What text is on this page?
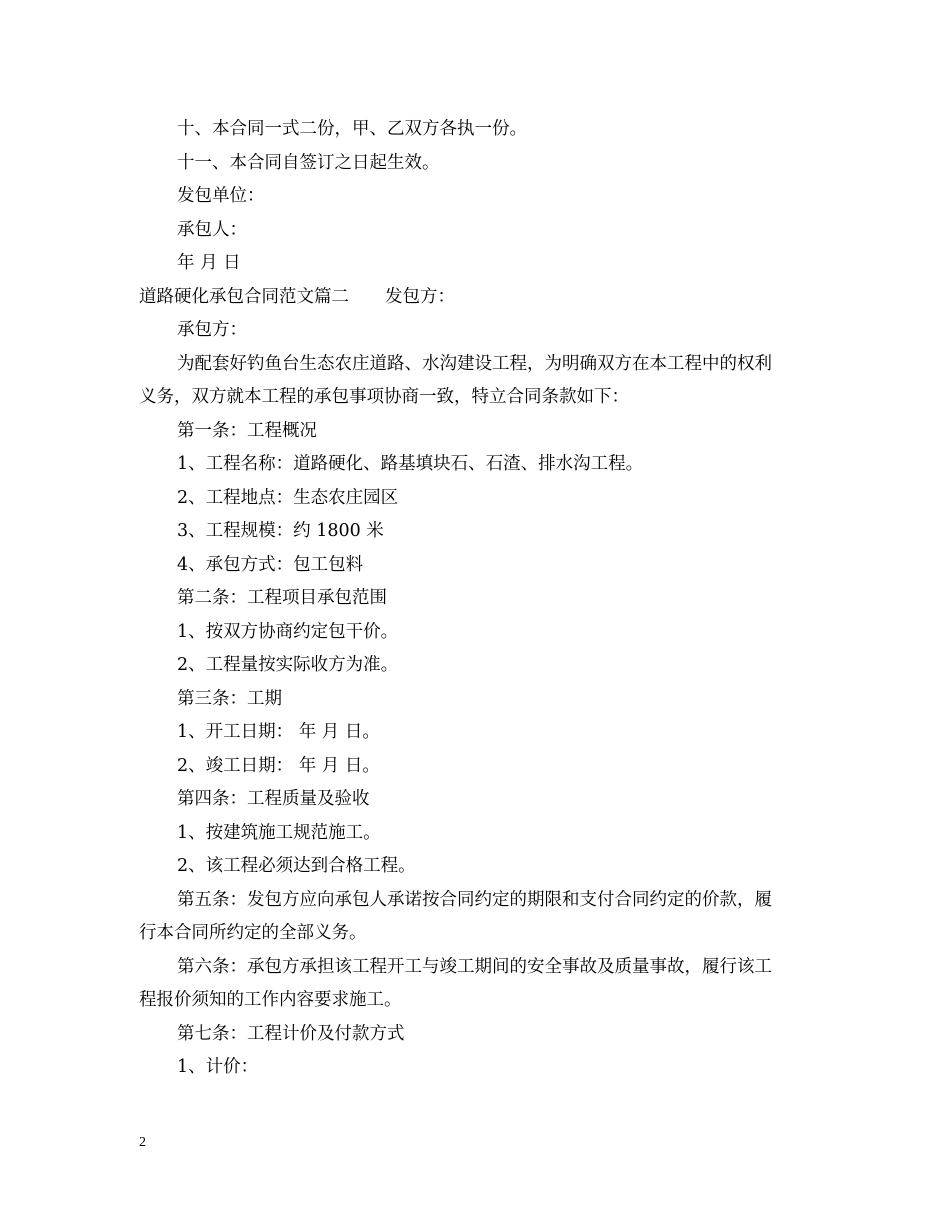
十、本合同一式二份，甲、乙双方各执一份。
十一、本合同自签订之日起生效。
发包单位：
承包人：
年 月 日
道路硬化承包合同范文篇二 发包方：
承包方：
为配套好钓鱼台生态农庄道路、水沟建设工程，为明确双方在本工程中的权利
义务，双方就本工程的承包事项协商一致，特立合同条款如下：
第一条：工程概况
1、工程名称：道路硬化、路基填块石、石渣、排水沟工程。
2、工程地点：生态农庄园区
3、工程规模：约 1800 米
4、承包方式：包工包料
第二条：工程项目承包范围
1、按双方协商约定包干价。
2、工程量按实际收方为准。
第三条：工期
1、开工日期： 年 月 日。
2、竣工日期： 年 月 日。
第四条：工程质量及验收
1、按建筑施工规范施工。
2、该工程必须达到合格工程。
第五条：发包方应向承包人承诺按合同约定的期限和支付合同约定的价款，履
行本合同所约定的全部义务。
第六条：承包方承担该工程开工与竣工期间的安全事故及质量事故，履行该工
程报价须知的工作内容要求施工。
第七条：工程计价及付款方式
1、计价：
2
